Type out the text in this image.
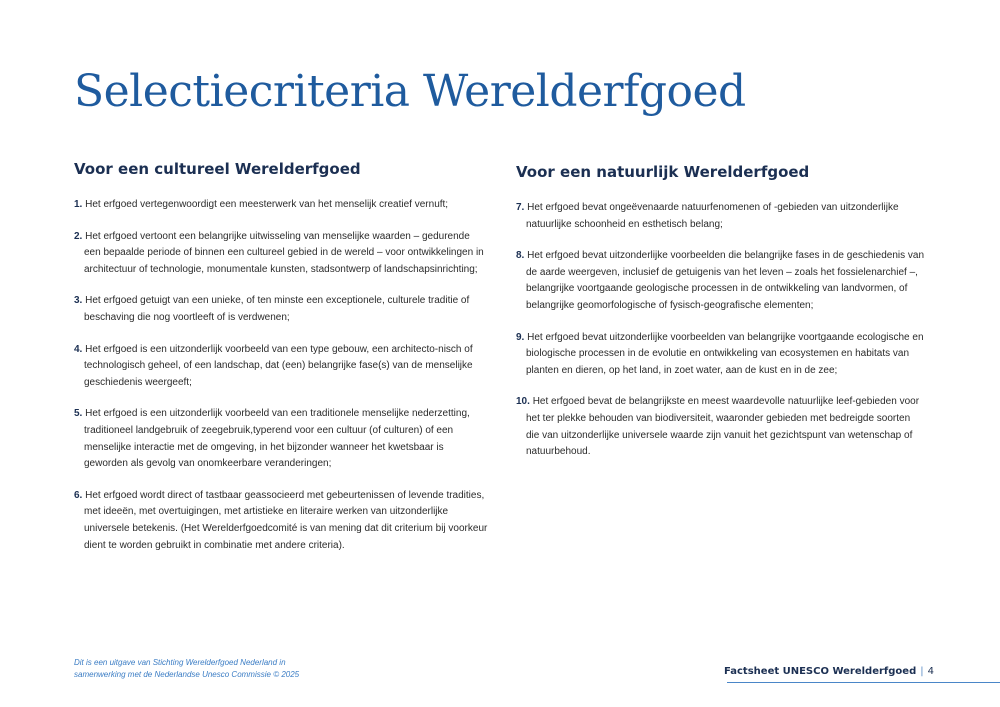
Selectiecriteria Werelderfgoed
Voor een cultureel Werelderfgoed

1. Het erfgoed vertegenwoordigt een meesterwerk van het menselijk creatief vernuft;

2. Het erfgoed vertoont een belangrijke uitwisseling van menselijke waarden – gedurende een bepaalde periode of binnen een cultureel gebied in de wereld – voor ontwikkelingen in architectuur of technologie, monumentale kunsten, stadsontwerp of landschapsinrichting;

3. Het erfgoed getuigt van een unieke, of ten minste een exceptionele, culturele traditie of beschaving die nog voortleeft of is verdwenen;

4. Het erfgoed is een uitzonderlijk voorbeeld van een type gebouw, een architecto-nisch of technologisch geheel, of een landschap, dat (een) belangrijke fase(s) van de menselijke geschiedenis weergeeft;

5. Het erfgoed is een uitzonderlijk voorbeeld van een traditionele menselijke nederzetting, traditioneel landgebruik of zeegebruik,typerend voor een cultuur (of culturen) of een menselijke interactie met de omgeving, in het bijzonder wanneer het kwetsbaar is geworden als gevolg van onomkeerbare veranderingen;

6. Het erfgoed wordt direct of tastbaar geassocieerd met gebeurtenissen of levende tradities, met ideeën, met overtuigingen, met artistieke en literaire werken van uitzonderlijke universele betekenis. (Het Werelderfgoedcomité is van mening dat dit criterium bij voorkeur dient te worden gebruikt in combinatie met andere criteria).

Voor een natuurlijk Werelderfgoed

7. Het erfgoed bevat ongeëvenaarde natuurfenomenen of -gebieden van uitzonderlijke natuurlijke schoonheid en esthetisch belang;

8. Het erfgoed bevat uitzonderlijke voorbeelden die belangrijke fases in de geschiedenis van de aarde weergeven, inclusief de getuigenis van het leven – zoals het fossielenarchief –, belangrijke voortgaande geologische processen in de ontwikkeling van landvormen, of belangrijke geomorfologische of fysisch-geografische elementen;

9. Het erfgoed bevat uitzonderlijke voorbeelden van belangrijke voortgaande ecologische en biologische processen in de evolutie en ontwikkeling van ecosystemen en habitats van planten en dieren, op het land, in zoet water, aan de kust en in de zee;

10. Het erfgoed bevat de belangrijkste en meest waardevolle natuurlijke leef-gebieden voor het ter plekke behouden van biodiversiteit, waaronder gebieden met bedreigde soorten die van uitzonderlijke universele waarde zijn vanuit het gezichtspunt van wetenschap of natuurbehoud.

Dit is een uitgave van Stichting Werelderfgoed Nederland in
samenwerking met de Nederlandse Unesco Commissie © 2025	Factsheet UNESCO Werelderfgoed | 4
